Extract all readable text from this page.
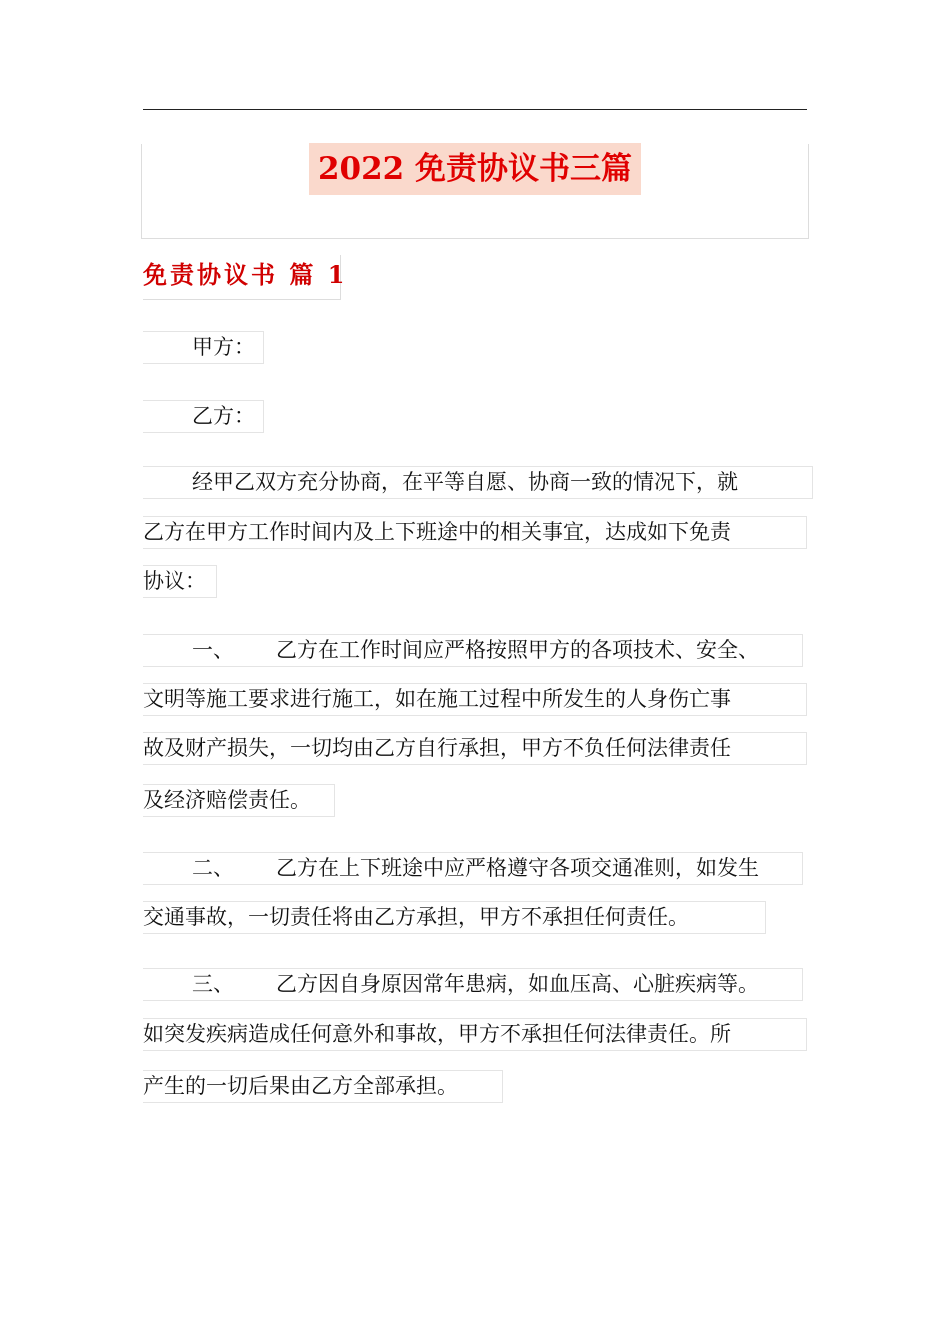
2022 免责协议书三篇
免责协议书 篇 1
甲方：
乙方：
经甲乙双方充分协商，在平等自愿、协商一致的情况下，就
乙方在甲方工作时间内及上下班途中的相关事宜，达成如下免责
协议：
一、 乙方在工作时间应严格按照甲方的各项技术、安全、
文明等施工要求进行施工，如在施工过程中所发生的人身伤亡事
故及财产损失，一切均由乙方自行承担，甲方不负任何法律责任
及经济赔偿责任。
二、 乙方在上下班途中应严格遵守各项交通准则，如发生
交通事故，一切责任将由乙方承担，甲方不承担任何责任。
三、 乙方因自身原因常年患病，如血压高、心脏疾病等。
如突发疾病造成任何意外和事故，甲方不承担任何法律责任。所
产生的一切后果由乙方全部承担。
